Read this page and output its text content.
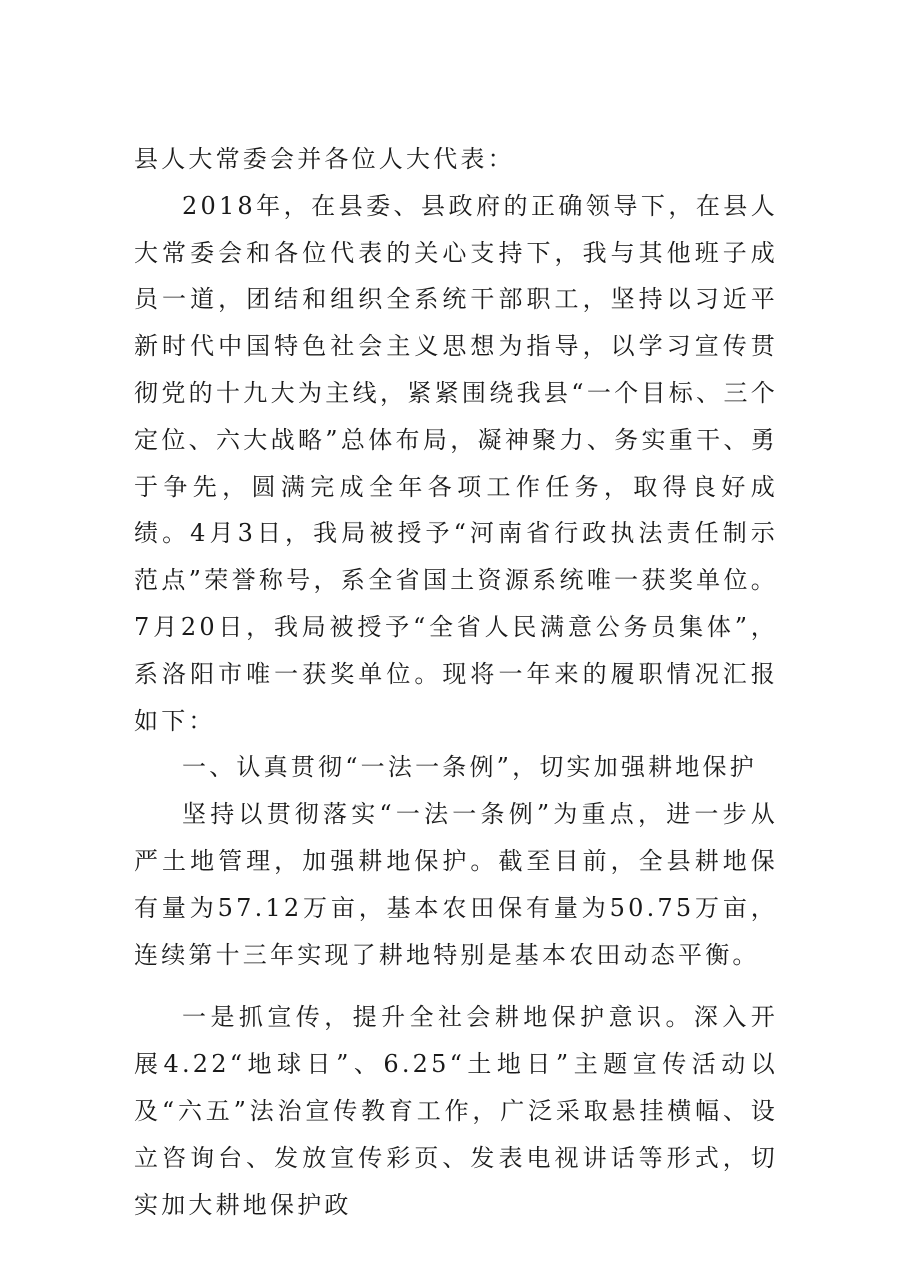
县人大常委会并各位人大代表：

2018年，在县委、县政府的正确领导下，在县人大常委会和各位代表的关心支持下，我与其他班子成员一道，团结和组织全系统干部职工，坚持以习近平新时代中国特色社会主义思想为指导，以学习宣传贯彻党的十九大为主线，紧紧围绕我县“一个目标、三个定位、六大战略”总体布局，凝神聚力、务实重干、勇于争先，圆满完成全年各项工作任务，取得良好成绩。4月3日，我局被授予“河南省行政执法责任制示范点”荣誉称号，系全省国土资源系统唯一获奖单位。7月20日，我局被授予“全省人民满意公务员集体”，系洛阳市唯一获奖单位。现将一年来的履职情况汇报如下：

一、认真贯彻“一法一条例”，切实加强耕地保护

坚持以贯彻落实“一法一条例”为重点，进一步从严土地管理，加强耕地保护。截至目前，全县耕地保有量为57.12万亩，基本农田保有量为50.75万亩，连续第十三年实现了耕地特别是基本农田动态平衡。

一是抓宣传，提升全社会耕地保护意识。深入开展4.22“地球日”、6.25“土地日”主题宣传活动以及“六五”法治宣传教育工作，广泛采取悬挂横幅、设立咨询台、发放宣传彩页、发表电视讲话等形式，切实加大耕地保护政
